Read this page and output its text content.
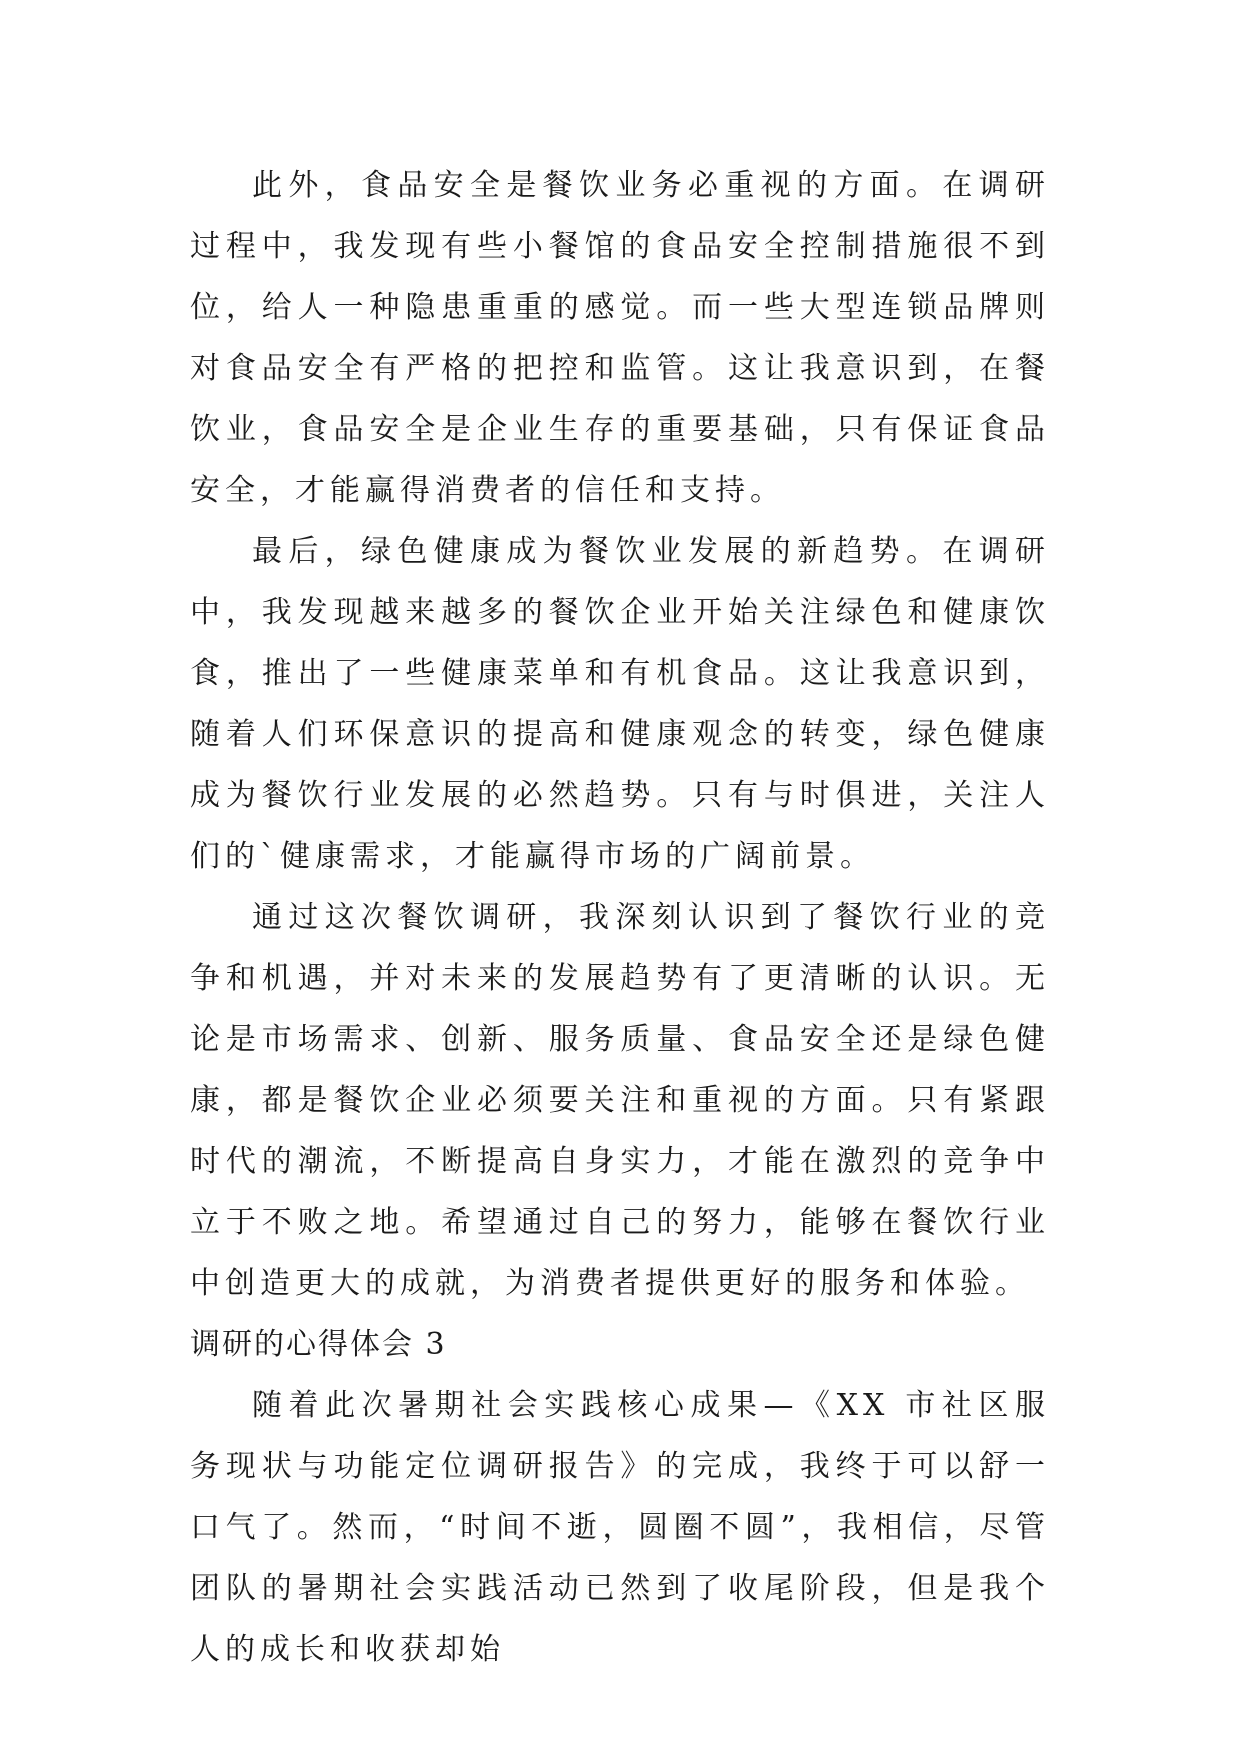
此外，食品安全是餐饮业务必重视的方面。在调研过程中，我发现有些小餐馆的食品安全控制措施很不到位，给人一种隐患重重的感觉。而一些大型连锁品牌则对食品安全有严格的把控和监管。这让我意识到，在餐饮业，食品安全是企业生存的重要基础，只有保证食品安全，才能赢得消费者的信任和支持。

最后，绿色健康成为餐饮业发展的新趋势。在调研中，我发现越来越多的餐饮企业开始关注绿色和健康饮食，推出了一些健康菜单和有机食品。这让我意识到，随着人们环保意识的提高和健康观念的转变，绿色健康成为餐饮行业发展的必然趋势。只有与时俱进，关注人们的`健康需求，才能赢得市场的广阔前景。

通过这次餐饮调研，我深刻认识到了餐饮行业的竞争和机遇，并对未来的发展趋势有了更清晰的认识。无论是市场需求、创新、服务质量、食品安全还是绿色健康，都是餐饮企业必须要关注和重视的方面。只有紧跟时代的潮流，不断提高自身实力，才能在激烈的竞争中立于不败之地。希望通过自己的努力，能够在餐饮行业中创造更大的成就，为消费者提供更好的服务和体验。

调研的心得体会 3

随着此次暑期社会实践核心成果—《XX 市社区服务现状与功能定位调研报告》的完成，我终于可以舒一口气了。然而，“时间不逝，圆圈不圆”，我相信，尽管团队的暑期社会实践活动已然到了收尾阶段，但是我个人的成长和收获却始
